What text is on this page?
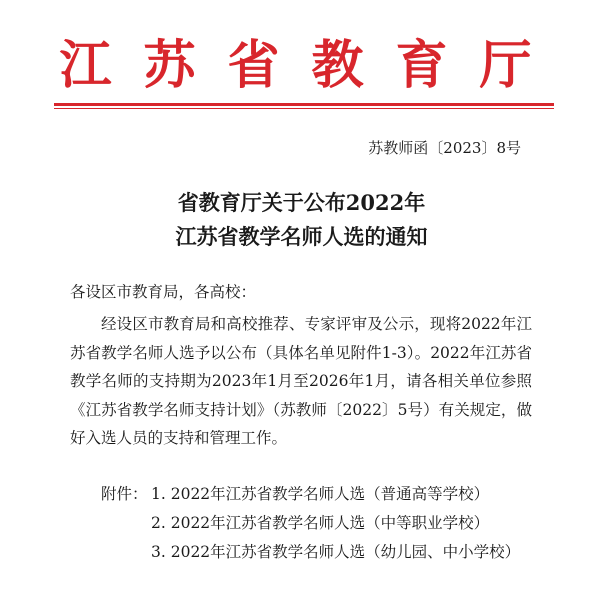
江苏省教育厅
苏教师函〔2023〕8号
省教育厅关于公布2022年
江苏省教学名师人选的通知
各设区市教育局，各高校：
经设区市教育局和高校推荐、专家评审及公示，现将2022年江苏省教学名师人选予以公布（具体名单见附件1-3）。2022年江苏省教学名师的支持期为2023年1月至2026年1月，请各相关单位参照《江苏省教学名师支持计划》（苏教师〔2022〕5号）有关规定，做好入选人员的支持和管理工作。
附件： 1. 2022年江苏省教学名师人选（普通高等学校）
2. 2022年江苏省教学名师人选（中等职业学校）
3. 2022年江苏省教学名师人选（幼儿园、中小学校）
